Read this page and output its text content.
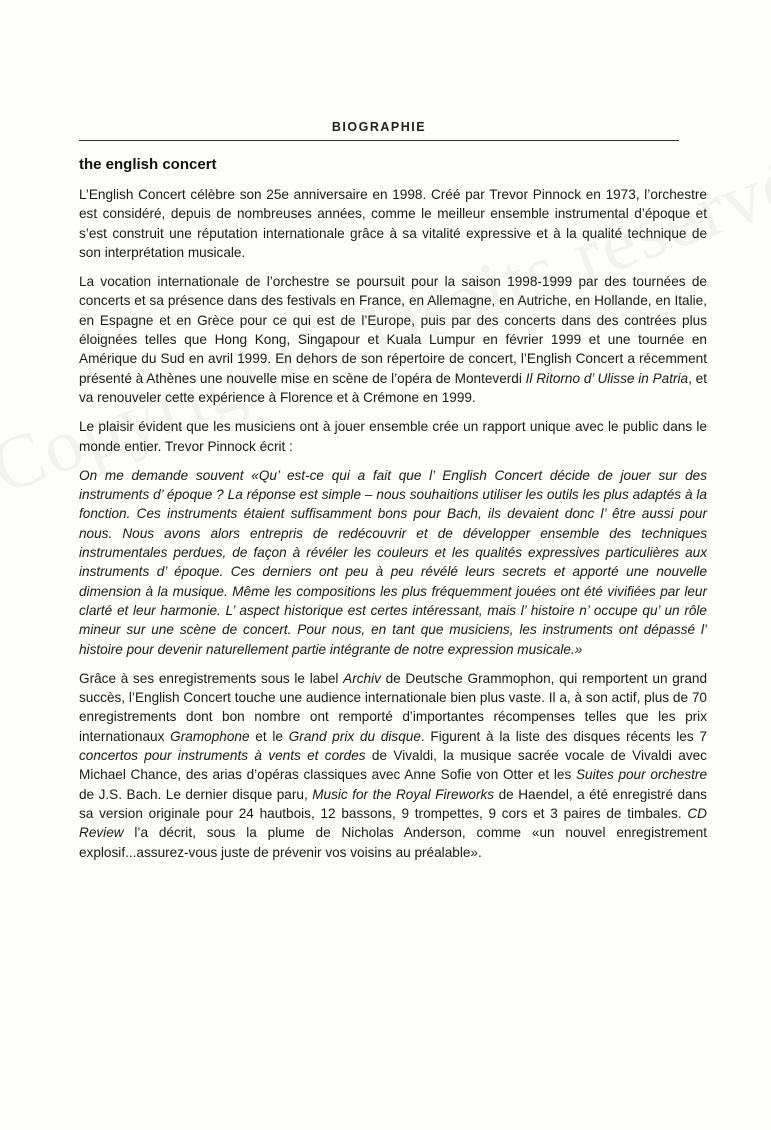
BIOGRAPHIE
the english concert

L’English Concert célèbre son 25e anniversaire en 1998. Créé par Trevor Pinnock en 1973, l’orchestre est considéré, depuis de nombreuses années, comme le meilleur ensemble instrumental d’époque et s’est construit une réputation internationale grâce à sa vitalité expressive et à la qualité technique de son interprétation musicale.

La vocation internationale de l’orchestre se poursuit pour la saison 1998-1999 par des tournées de concerts et sa présence dans des festivals en France, en Allemagne, en Autriche, en Hollande, en Italie, en Espagne et en Grèce pour ce qui est de l’Europe, puis par des concerts dans des contrées plus éloignées telles que Hong Kong, Singapour et Kuala Lumpur en février 1999 et une tournée en Amérique du Sud en avril 1999. En dehors de son répertoire de concert, l’English Concert a récemment présenté à Athènes une nouvelle mise en scène de l’opéra de Monteverdi Il Ritorno d’ Ulisse in Patria, et va renouveler cette expérience à Florence et à Crémone en 1999.

Le plaisir évident que les musiciens ont à jouer ensemble crée un rapport unique avec le public dans le monde entier. Trevor Pinnock écrit :

On me demande souvent «Qu’ est-ce qui a fait que l’ English Concert décide de jouer sur des instruments d’ époque ? La réponse est simple – nous souhaitions utiliser les outils les plus adaptés à la fonction. Ces instruments étaient suffisamment bons pour Bach, ils devaient donc l’ être aussi pour nous. Nous avons alors entrepris de redécouvrir et de développer ensemble des techniques instrumentales perdues, de façon à révéler les couleurs et les qualités expressives particulières aux instruments d’ époque. Ces derniers ont peu à peu révélé leurs secrets et apporté une nouvelle dimension à la musique. Même les compositions les plus fréquemment jouées ont été vivifiées par leur clarté et leur harmonie. L’ aspect historique est certes intéressant, mais l’ histoire n’ occupe qu’ un rôle mineur sur une scène de concert. Pour nous, en tant que musiciens, les instruments ont dépassé l’ histoire pour devenir naturellement partie intégrante de notre expression musicale.»

Grâce à ses enregistrements sous le label Archiv de Deutsche Grammophon, qui remportent un grand succès, l’English Concert touche une audience internationale bien plus vaste. Il a, à son actif, plus de 70 enregistrements dont bon nombre ont remporté d’importantes récompenses telles que les prix internationaux Gramophone et le Grand prix du disque. Figurent à la liste des disques récents les 7 concertos pour instruments à vents et cordes de Vivaldi, la musique sacrée vocale de Vivaldi avec Michael Chance, des arias d’opéras classiques avec Anne Sofie von Otter et les Suites pour orchestre de J.S. Bach. Le dernier disque paru, Music for the Royal Fireworks de Haendel, a été enregistré dans sa version originale pour 24 hautbois, 12 bassons, 9 trompettes, 9 cors et 3 paires de timbales. CD Review l’a décrit, sous la plume de Nicholas Anderson, comme «un nouvel enregistrement explosif...assurez-vous juste de prévenir vos voisins au préalable».
